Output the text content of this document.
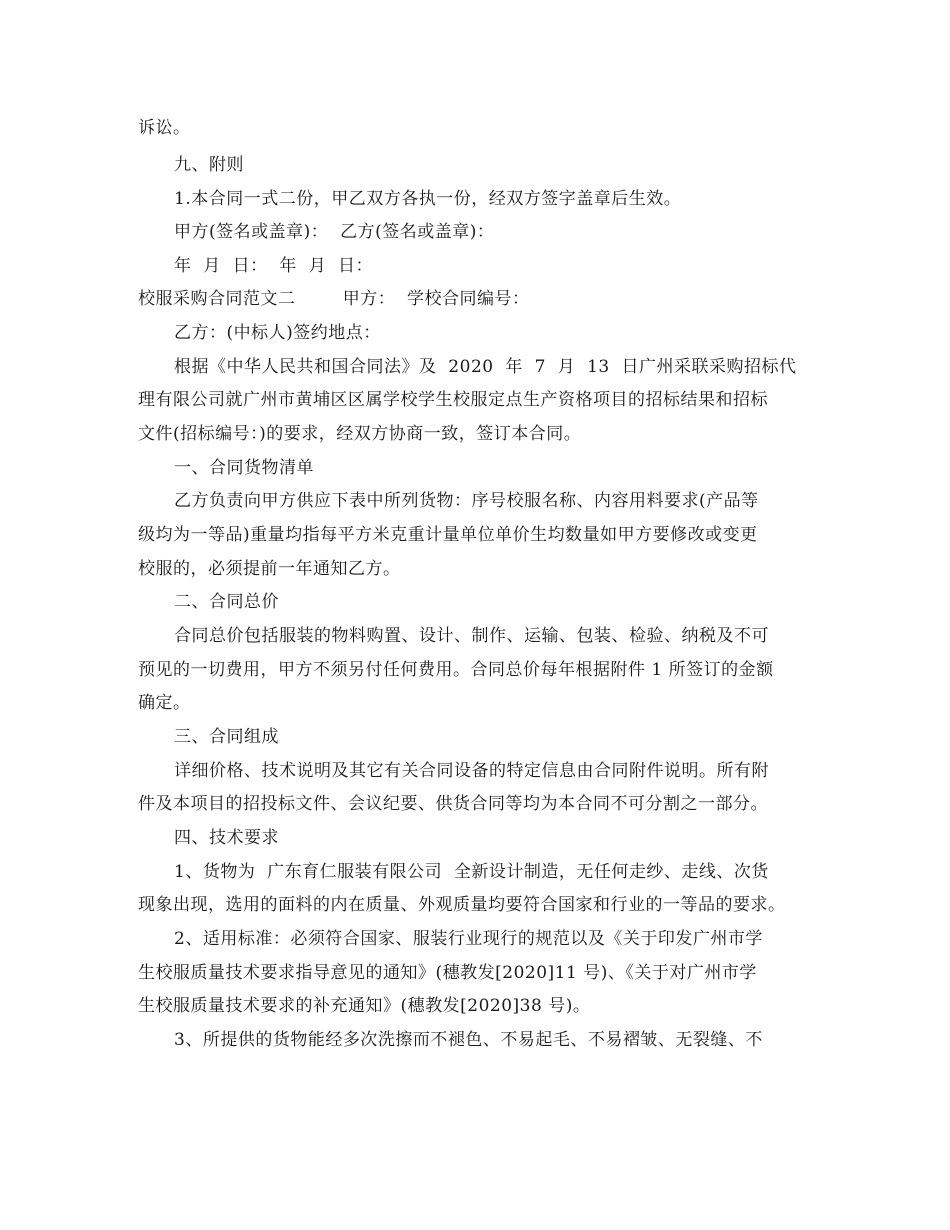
诉讼。
九、附则
1.本合同一式二份，甲乙双方各执一份，经双方签字盖章后生效。
甲方(签名或盖章)：  乙方(签名或盖章)：
年  月  日：  年  月  日：
校服采购合同范文二        甲方：  学校合同编号：
乙方：(中标人)签约地点：
根据《中华人民共和国合同法》及  2020  年  7  月  13  日广州采联采购招标代
理有限公司就广州市黄埔区区属学校学生校服定点生产资格项目的招标结果和招标
文件(招标编号：)的要求，经双方协商一致，签订本合同。
一、合同货物清单
乙方负责向甲方供应下表中所列货物：序号校服名称、内容用料要求(产品等
级均为一等品)重量均指每平方米克重计量单位单价生均数量如甲方要修改或变更
校服的，必须提前一年通知乙方。
二、合同总价
合同总价包括服装的物料购置、设计、制作、运输、包装、检验、纳税及不可
预见的一切费用，甲方不须另付任何费用。合同总价每年根据附件 1 所签订的金额
确定。
三、合同组成
详细价格、技术说明及其它有关合同设备的特定信息由合同附件说明。所有附
件及本项目的招投标文件、会议纪要、供货合同等均为本合同不可分割之一部分。
四、技术要求
1、货物为  广东育仁服装有限公司  全新设计制造，无任何走纱、走线、次货
现象出现，选用的面料的内在质量、外观质量均要符合国家和行业的一等品的要求。
2、适用标准：必须符合国家、服装行业现行的规范以及《关于印发广州市学
生校服质量技术要求指导意见的通知》(穗教发[2020]11 号)、《关于对广州市学
生校服质量技术要求的补充通知》(穗教发[2020]38 号)。
3、所提供的货物能经多次洗擦而不褪色、不易起毛、不易褶皱、无裂缝、不
